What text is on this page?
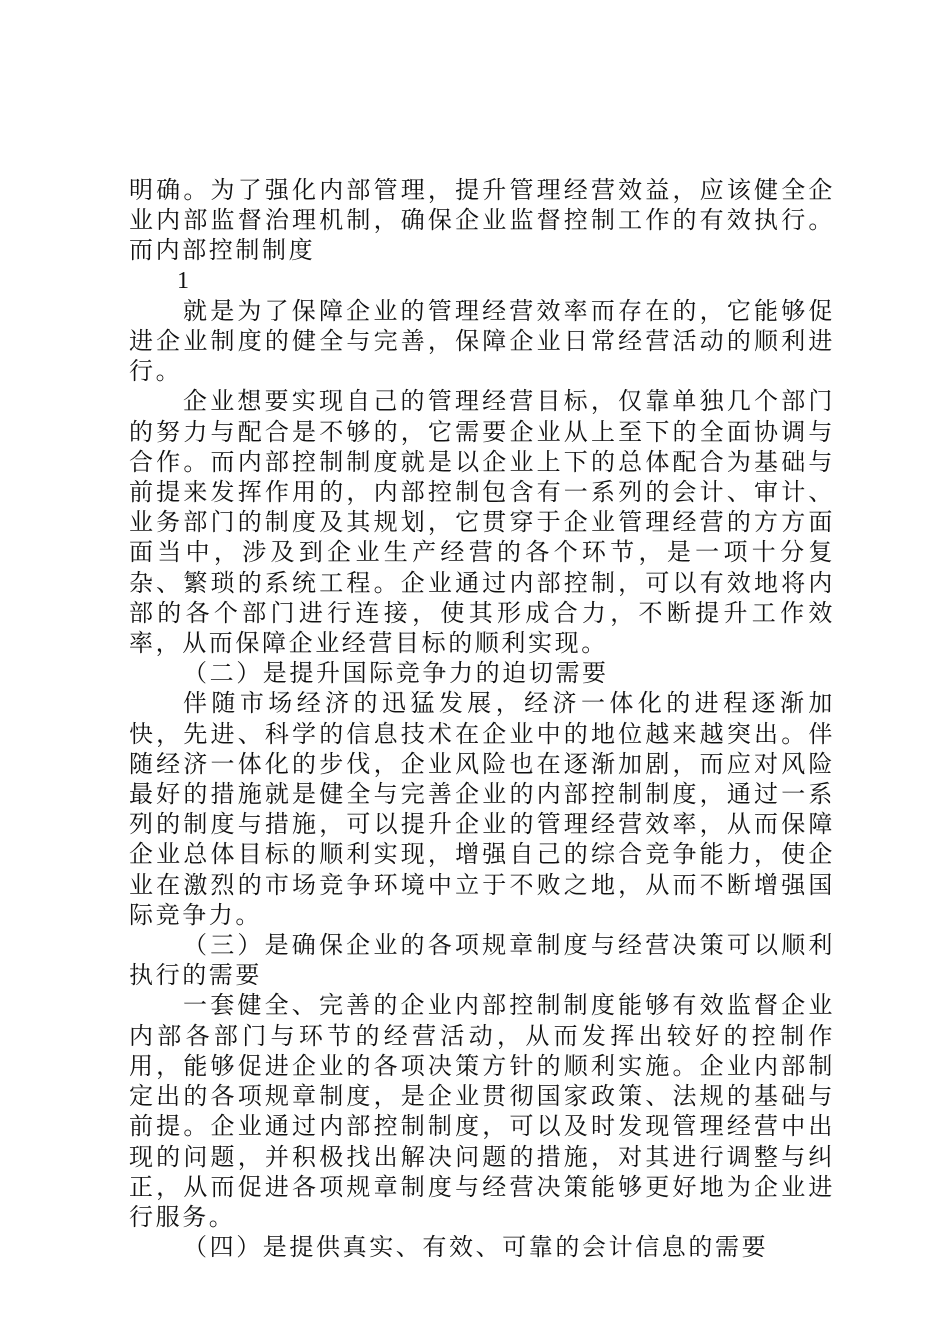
明确。为了强化内部管理，提升管理经营效益，应该健全企业内部监督治理机制，确保企业监督控制工作的有效执行。而内部控制制度

1

就是为了保障企业的管理经营效率而存在的，它能够促进企业制度的健全与完善，保障企业日常经营活动的顺利进行。

企业想要实现自己的管理经营目标，仅靠单独几个部门的努力与配合是不够的，它需要企业从上至下的全面协调与合作。而内部控制制度就是以企业上下的总体配合为基础与前提来发挥作用的，内部控制包含有一系列的会计、审计、业务部门的制度及其规划，它贯穿于企业管理经营的方方面面当中，涉及到企业生产经营的各个环节，是一项十分复杂、繁琐的系统工程。企业通过内部控制，可以有效地将内部的各个部门进行连接，使其形成合力，不断提升工作效率，从而保障企业经营目标的顺利实现。

（二）是提升国际竞争力的迫切需要

伴随市场经济的迅猛发展，经济一体化的进程逐渐加快，先进、科学的信息技术在企业中的地位越来越突出。伴随经济一体化的步伐，企业风险也在逐渐加剧，而应对风险最好的措施就是健全与完善企业的内部控制制度，通过一系列的制度与措施，可以提升企业的管理经营效率，从而保障企业总体目标的顺利实现，增强自己的综合竞争能力，使企业在激烈的市场竞争环境中立于不败之地，从而不断增强国际竞争力。

（三）是确保企业的各项规章制度与经营决策可以顺利执行的需要

一套健全、完善的企业内部控制制度能够有效监督企业内部各部门与环节的经营活动，从而发挥出较好的控制作用，能够促进企业的各项决策方针的顺利实施。企业内部制定出的各项规章制度，是企业贯彻国家政策、法规的基础与前提。企业通过内部控制制度，可以及时发现管理经营中出现的问题，并积极找出解决问题的措施，对其进行调整与纠正，从而促进各项规章制度与经营决策能够更好地为企业进行服务。

（四）是提供真实、有效、可靠的会计信息的需要
